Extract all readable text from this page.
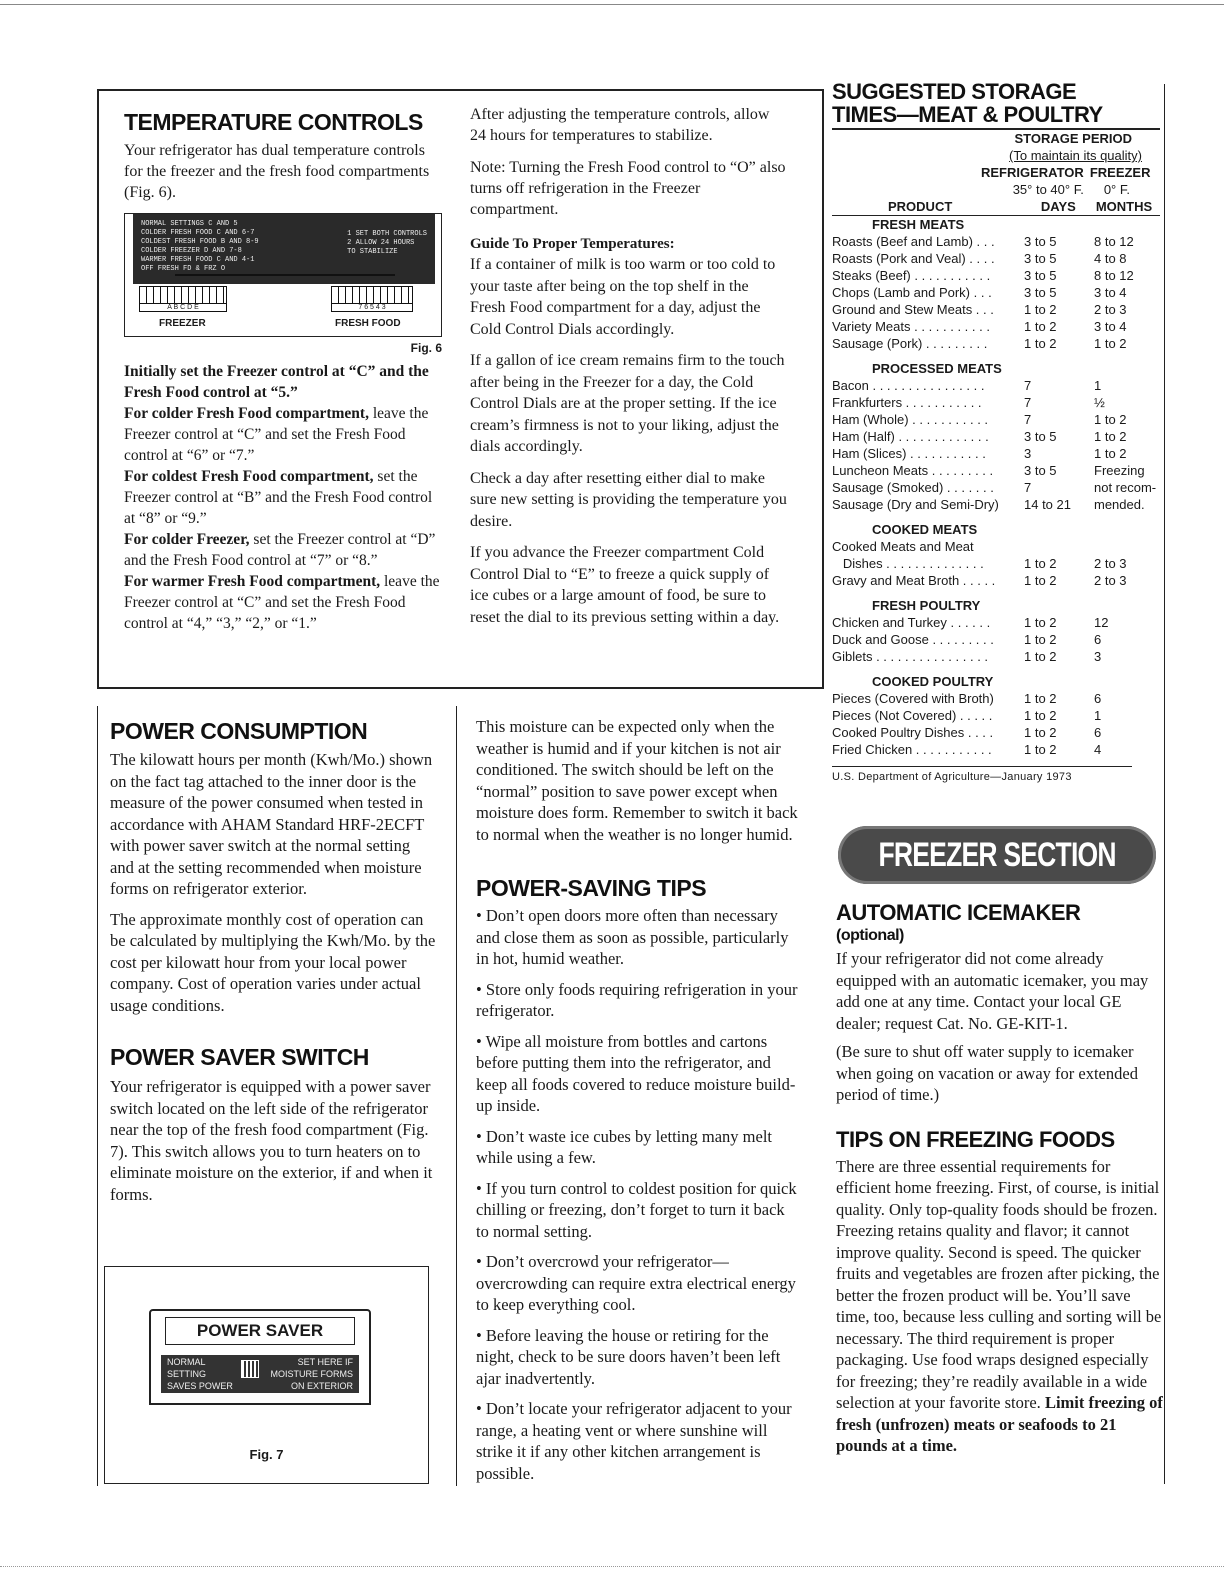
TEMPERATURE CONTROLS

Your refrigerator has dual temperature controls for the freezer and the fresh food compartments (Fig. 6).

NORMAL SETTINGS C AND 5
COLDER FRESH FOOD C AND 6-7
COLDEST FRESH FOOD B AND 8-9
COLDER FREEZER D AND 7-8
WARMER FRESH FOOD C AND 4-1
OFF FRESH FD & FRZ O
1 SET BOTH CONTROLS
2 ALLOW 24 HOURS
TO STABILIZE
A B C D E	7 6 5 4 3
FREEZER	FRESH FOOD
Fig. 6

Initially set the Freezer control at “C” and the Fresh Food control at “5.”

For colder Fresh Food compartment, leave the Freezer control at “C” and set the Fresh Food control at “6” or “7.”

For coldest Fresh Food compartment, set the Freezer control at “B” and the Fresh Food control at “8” or “9.”

For colder Freezer, set the Freezer control at “D” and the Fresh Food control at “7” or “8.”

For warmer Fresh Food compartment, leave the Freezer control at “C” and set the Fresh Food control at “4,” “3,” “2,” or “1.”

After adjusting the temperature controls, allow 24 hours for temperatures to stabilize.

Note: Turning the Fresh Food control to “O” also turns off refrigeration in the Freezer compartment.

Guide To Proper Temperatures:

If a container of milk is too warm or too cold to your taste after being on the top shelf in the Fresh Food compartment for a day, adjust the Cold Control Dials accordingly.

If a gallon of ice cream remains firm to the touch after being in the Freezer for a day, the Cold Control Dials are at the proper setting. If the ice cream’s firmness is not to your liking, adjust the dials accordingly.

Check a day after resetting either dial to make sure new setting is providing the temperature you desire.

If you advance the Freezer compartment Cold Control Dial to “E” to freeze a quick supply of ice cubes or a large amount of food, be sure to reset the dial to its previous setting within a day.

POWER CONSUMPTION

The kilowatt hours per month (Kwh/Mo.) shown on the fact tag attached to the inner door is the measure of the power consumed when tested in accordance with AHAM Standard HRF-2ECFT with power saver switch at the normal setting and at the setting recommended when moisture forms on refrigerator exterior.

The approximate monthly cost of operation can be calculated by multiplying the Kwh/Mo. by the cost per kilowatt hour from your local power company. Cost of operation varies under actual usage conditions.

POWER SAVER SWITCH

Your refrigerator is equipped with a power saver switch located on the left side of the refrigerator near the top of the fresh food compartment (Fig. 7). This switch allows you to turn heaters on to eliminate moisture on the exterior, if and when it forms.

POWER SAVER
NORMAL
SETTING
SAVES POWER
SET HERE IF
MOISTURE FORMS
ON EXTERIOR
Fig. 7

This moisture can be expected only when the weather is humid and if your kitchen is not air conditioned. The switch should be left on the “normal” position to save power except when moisture does form. Remember to switch it back to normal when the weather is no longer humid.

POWER-SAVING TIPS

• Don’t open doors more often than necessary and close them as soon as possible, particularly in hot, humid weather.

• Store only foods requiring refrigeration in your refrigerator.

• Wipe all moisture from bottles and cartons before putting them into the refrigerator, and keep all foods covered to reduce moisture build-up inside.

• Don’t waste ice cubes by letting many melt while using a few.

• If you turn control to coldest position for quick chilling or freezing, don’t forget to turn it back to normal setting.

• Don’t overcrowd your refrigerator—overcrowding can require extra electrical energy to keep everything cool.

• Before leaving the house or retiring for the night, check to be sure doors haven’t been left ajar inadvertently.

• Don’t locate your refrigerator adjacent to your range, a heating vent or where sunshine will strike it if any other kitchen arrangement is possible.

SUGGESTED STORAGE
TIMES—MEAT & POULTRY
STORAGE PERIOD
(To maintain its quality)
	REFRIGERATOR	FREEZER
	35° to 40° F.	0° F.
PRODUCT	DAYS	MONTHS
FRESH MEATS		
Roasts (Beef and Lamb) . . .	3 to 5	8 to 12
Roasts (Pork and Veal) . . . .	3 to 5	4 to 8
Steaks (Beef) . . . . . . . . . . .	3 to 5	8 to 12
Chops (Lamb and Pork) . . .	3 to 5	3 to 4
Ground and Stew Meats . . .	1 to 2	2 to 3
Variety Meats . . . . . . . . . . .	1 to 2	3 to 4
Sausage (Pork) . . . . . . . . .	1 to 2	1 to 2
PROCESSED MEATS		
Bacon . . . . . . . . . . . . . . . .	7	1
Frankfurters . . . . . . . . . . .	7	½
Ham (Whole) . . . . . . . . . . .	7	1 to 2
Ham (Half) . . . . . . . . . . . . .	3 to 5	1 to 2
Ham (Slices) . . . . . . . . . . .	3	1 to 2
Luncheon Meats . . . . . . . . .	3 to 5	Freezing
Sausage (Smoked) . . . . . . .	7	not recom-
Sausage (Dry and Semi-Dry)	14 to 21	mended.
COOKED MEATS		
Cooked Meats and Meat		
Dishes . . . . . . . . . . . . . .	1 to 2	2 to 3
Gravy and Meat Broth . . . . .	1 to 2	2 to 3
FRESH POULTRY		
Chicken and Turkey . . . . . .	1 to 2	12
Duck and Goose . . . . . . . . .	1 to 2	6
Giblets . . . . . . . . . . . . . . . .	1 to 2	3
COOKED POULTRY		
Pieces (Covered with Broth)	1 to 2	6
Pieces (Not Covered) . . . . .	1 to 2	1
Cooked Poultry Dishes . . . .	1 to 2	6
Fried Chicken . . . . . . . . . . .	1 to 2	4
U.S. Department of Agriculture—January 1973
FREEZER SECTION
AUTOMATIC ICEMAKER
(optional)

If your refrigerator did not come already equipped with an automatic icemaker, you may add one at any time. Contact your local GE dealer; request Cat. No. GE-KIT-1.

(Be sure to shut off water supply to icemaker when going on vacation or away for extended period of time.)

TIPS ON FREEZING FOODS

There are three essential requirements for efficient home freezing. First, of course, is initial quality. Only top-quality foods should be frozen. Freezing retains quality and flavor; it cannot improve quality. Second is speed. The quicker fruits and vegetables are frozen after picking, the better the frozen product will be. You’ll save time, too, because less culling and sorting will be necessary. The third requirement is proper packaging. Use food wraps designed especially for freezing; they’re readily available in a wide selection at your favorite store. Limit freezing of fresh (unfrozen) meats or seafoods to 21 pounds at a time.
